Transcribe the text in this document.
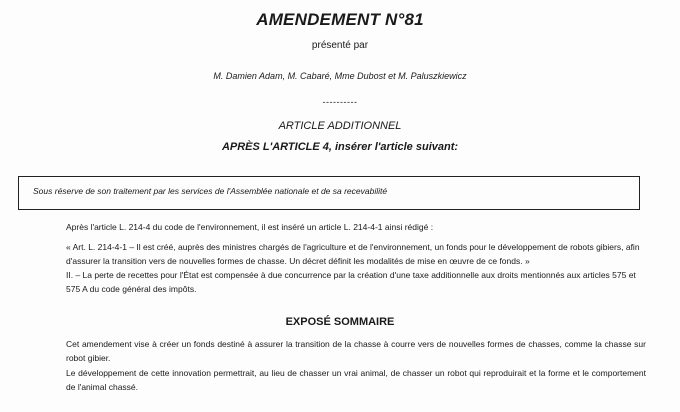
AMENDEMENT N°81
présenté par
M. Damien Adam, M. Cabaré, Mme Dubost et M. Paluszkiewicz
----------
ARTICLE ADDITIONNEL
APRÈS L'ARTICLE 4, insérer l'article suivant:
Sous réserve de son traitement par les services de l'Assemblée nationale et de sa recevabilité
Après l'article L. 214-4 du code de l'environnement, il est inséré un article L. 214-4-1 ainsi rédigé :
« Art. L. 214-4-1 – Il est créé, auprès des ministres chargés de l'agriculture et de l'environnement, un fonds pour le développement de robots gibiers, afin d'assurer la transition vers de nouvelles formes de chasse. Un décret définit les modalités de mise en œuvre de ce fonds. »
II. – La perte de recettes pour l'État est compensée à due concurrence par la création d'une taxe additionnelle aux droits mentionnés aux articles 575 et 575 A du code général des impôts.
EXPOSÉ SOMMAIRE
Cet amendement vise à créer un fonds destiné à assurer la transition de la chasse à courre vers de nouvelles formes de chasses, comme la chasse sur robot gibier.
Le développement de cette innovation permettrait, au lieu de chasser un vrai animal, de chasser un robot qui reproduirait et la forme et le comportement de l'animal chassé.
